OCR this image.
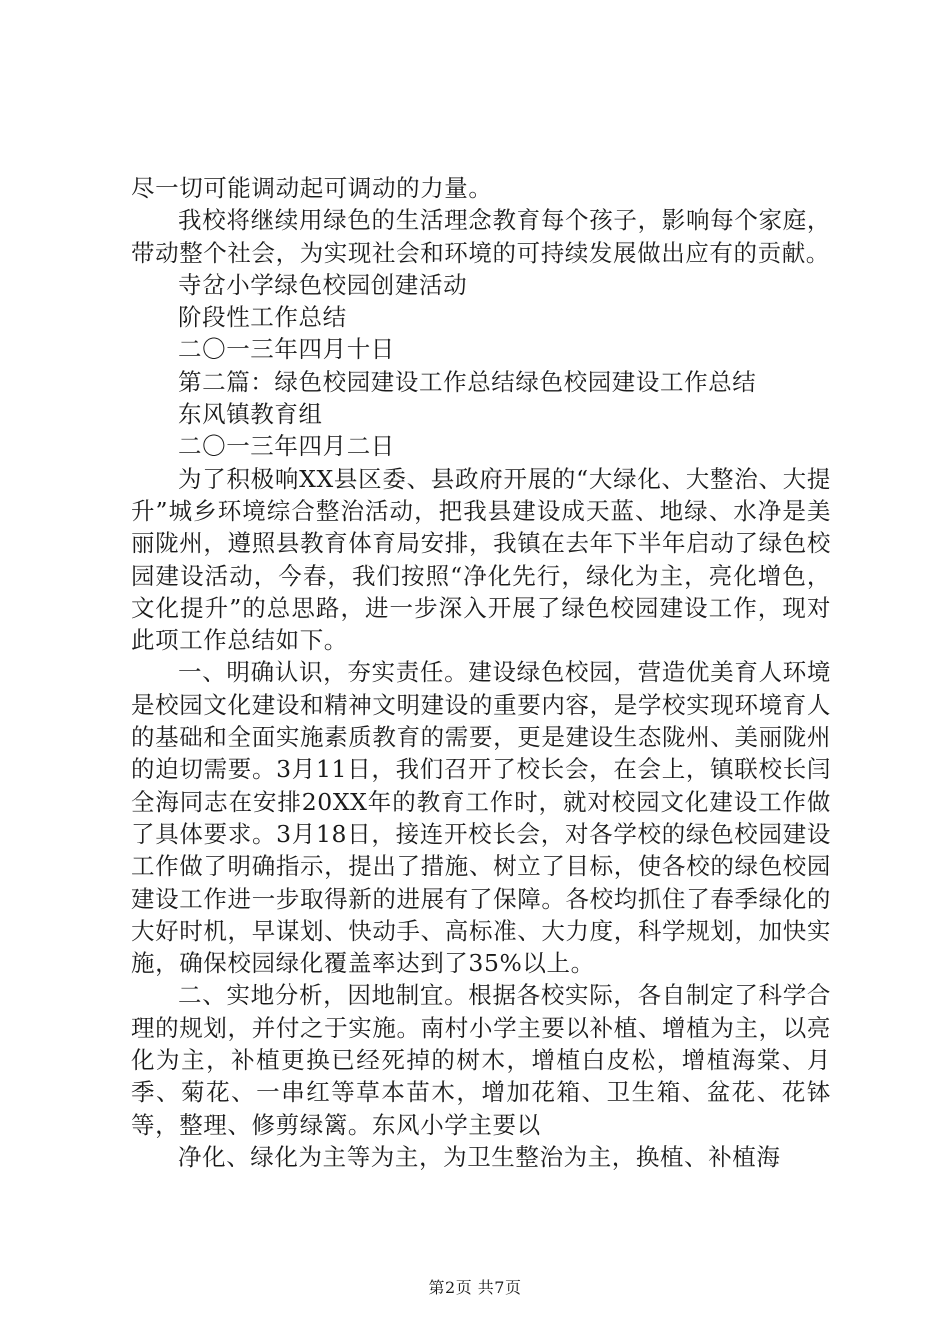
尽一切可能调动起可调动的力量。

我校将继续用绿色的生活理念教育每个孩子，影响每个家庭，带动整个社会，为实现社会和环境的可持续发展做出应有的贡献。

寺岔小学绿色校园创建活动

阶段性工作总结

二〇一三年四月十日

第二篇：绿色校园建设工作总结绿色校园建设工作总结

东风镇教育组

二〇一三年四月二日

为了积极响XX县区委、县政府开展的“大绿化、大整治、大提升”城乡环境综合整治活动，把我县建设成天蓝、地绿、水净是美丽陇州，遵照县教育体育局安排，我镇在去年下半年启动了绿色校园建设活动，今春，我们按照“净化先行，绿化为主，亮化增色，文化提升”的总思路，进一步深入开展了绿色校园建设工作，现对此项工作总结如下。

一、明确认识，夯实责任。建设绿色校园，营造优美育人环境是校园文化建设和精神文明建设的重要内容，是学校实现环境育人的基础和全面实施素质教育的需要，更是建设生态陇州、美丽陇州的迫切需要。3月11日，我们召开了校长会，在会上，镇联校长闫全海同志在安排20XX年的教育工作时，就对校园文化建设工作做了具体要求。3月18日，接连开校长会，对各学校的绿色校园建设工作做了明确指示，提出了措施、树立了目标，使各校的绿色校园建设工作进一步取得新的进展有了保障。各校均抓住了春季绿化的大好时机，早谋划、快动手、高标准、大力度，科学规划，加快实施，确保校园绿化覆盖率达到了35%以上。

二、实地分析，因地制宜。根据各校实际，各自制定了科学合理的规划，并付之于实施。南村小学主要以补植、增植为主，以亮化为主，补植更换已经死掉的树木，增植白皮松，增植海棠、月季、菊花、一串红等草本苗木，增加花箱、卫生箱、盆花、花钵等，整理、修剪绿篱。东风小学主要以

净化、绿化为主等为主，为卫生整治为主，换植、补植海

第2页 共7页
